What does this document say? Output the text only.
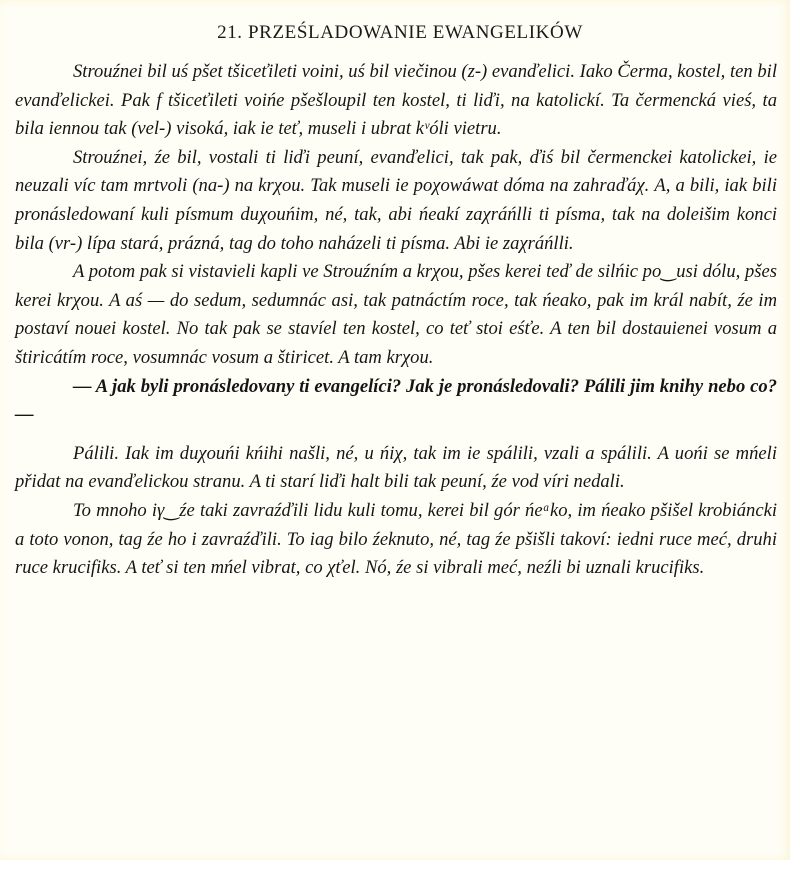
21. PRZEŚLADOWANIE EWANGELIKÓW

Strouźnei bil uś pšet tšiceťileti voini, uś bil viečinou (z-) evanďelici. Iako Čerma, kostel, ten bil evanďelickei. Pak f tšiceťileti voińe pšešloupil ten kostel, ti liďi, na katolickí. Ta čermencká vieś, ta bila iennou tak (vel-) visoká, iak ie teť, museli i ubrat kᵛóli vietru.

Strouźnei, źe bil, vostali ti liďi peuní, evanďelici, tak pak, ďiś bil čermenckei katolickei, ie neuzali víc tam mrtvoli (na-) na krχou. Tak museli ie poχowáwat dóma na zahraďáχ. A, a bili, iak bili pronásledowaní kuli písmum duχouńim, né, tak, abi ńeakí zaχráńlli ti písma, tak na doleišim konci bila (vr-) lípa stará, prázná, tag do toho naházeli ti písma. Abi ie zaχráńlli.

A potom pak si vistavieli kapli ve Strouźním a krχou, pšes kerei teď de silńic po‿usi dólu, pšes kerei krχou. A aś — do sedum, sedumnác asi, tak patnáctím roce, tak ńeako, pak im král nabít, źe im postaví nouei kostel. No tak pak se stavíel ten kostel, co teť stoi eśťe. A ten bil dostauienei vosum a štiricátím roce, vosumnác vosum a štiricet. A tam krχou.

— A jak byli pronásledovany ti evangelíci? Jak je pronásledovali? Pálili jim knihy nebo co? —

Pálili. Iak im duχouńi kńihi našli, né, u ńiχ, tak im ie spálili, vzali a spálili. A uońi se mńeli přidat na evanďelickou stranu. A ti starí liďi halt bili tak peuní, źe vod víri nedali.

To mnoho iγ‿źe taki zavraźďili lidu kuli tomu, kerei bil gór ńeᵃko, im ńeako pšišel krobiáncki a toto vonon, tag źe ho i zavraźďili. To iag bilo źeknuto, né, tag źe pšišli takoví: iedni ruce meć, druhi ruce krucifiks. A teť si ten mńel vibrat, co χťel. Nó, źe si vibrali meć, neźli bi uznali krucifiks.
